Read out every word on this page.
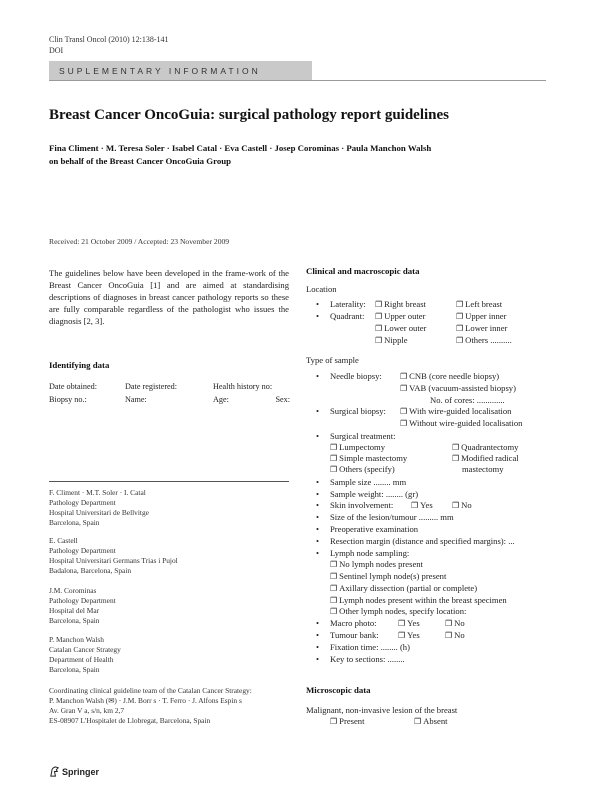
Clin Transl Oncol (2010) 12:138-141
DOI
SUPLEMENTARY INFORMATION
Breast Cancer OncoGuia: surgical pathology report guidelines
Fina Climent · M. Teresa Soler · Isabel Catal · Eva Castell · Josep Corominas · Paula Manchon Walsh
on behalf of the Breast Cancer OncoGuia Group
Received: 21 October 2009 / Accepted: 23 November 2009
The guidelines below have been developed in the frame-work of the Breast Cancer OncoGuia [1] and are aimed at standardising descriptions of diagnoses in breast cancer pathology reports so these are fully comparable regardless of the pathologist who issues the diagnosis [2, 3].
Identifying data
Date obtained:	Date registered:	Health history no:
Biopsy no.:	Name:	Age:	Sex:
F. Climent · M.T. Soler · I. Catal
Pathology Department
Hospital Universitari de Bellvitge
Barcelona, Spain
E. Castell
Pathology Department
Hospital Universitari Germans Trias i Pujol
Badalona, Barcelona, Spain
J.M. Corominas
Pathology Department
Hospital del Mar
Barcelona, Spain
P. Manchon Walsh
Catalan Cancer Strategy
Department of Health
Barcelona, Spain
Coordinating clinical guideline team of the Catalan Cancer Strategy:
P. Manchon Walsh (✉) · J.M. Borr s · T. Ferro · J. Alfons Espin s
Av. Gran V a, s/n, km 2,7
ES-08907 L'Hospitalet de Llobregat, Barcelona, Spain
Springer
Clinical and macroscopic data
Location
• Laterality: ❐ Right breast	❐ Left breast
• Quadrant: ❐ Upper outer	❐ Upper inner
❐ Lower outer	❐ Lower inner
❐ Nipple	❐ Others ..........
Type of sample
• Needle biopsy: ❐ CNB (core needle biopsy)
❐ VAB (vacuum-assisted biopsy)
No. of cores: .............
• Surgical biopsy: ❐ With wire-guided localisation
❐ Without wire-guided localisation
• Surgical treatment:
❐ Lumpectomy	❐ Quadrantectomy
❐ Simple mastectomy	❐ Modified radical
mastectomy
❐ Others (specify)
• Sample size ........ mm
• Sample weight: ........ (gr)
• Skin involvement: ❐ Yes ❐ No
• Size of the lesion/tumour ......... mm
• Preoperative examination
• Resection margin (distance and specified margins): ...
• Lymph node sampling:
❐ No lymph nodes present
❐ Sentinel lymph node(s) present
❐ Axillary dissection (partial or complete)
❐ Lymph nodes present within the breast specimen
❐ Other lymph nodes, specify location:
• Macro photo:	❐ Yes	❐ No
• Tumour bank: ❐ Yes	❐ No
• Fixation time: ........ (h)
• Key to sections: ........
Microscopic data
Malignant, non-invasive lesion of the breast
❐ Present	❐ Absent
